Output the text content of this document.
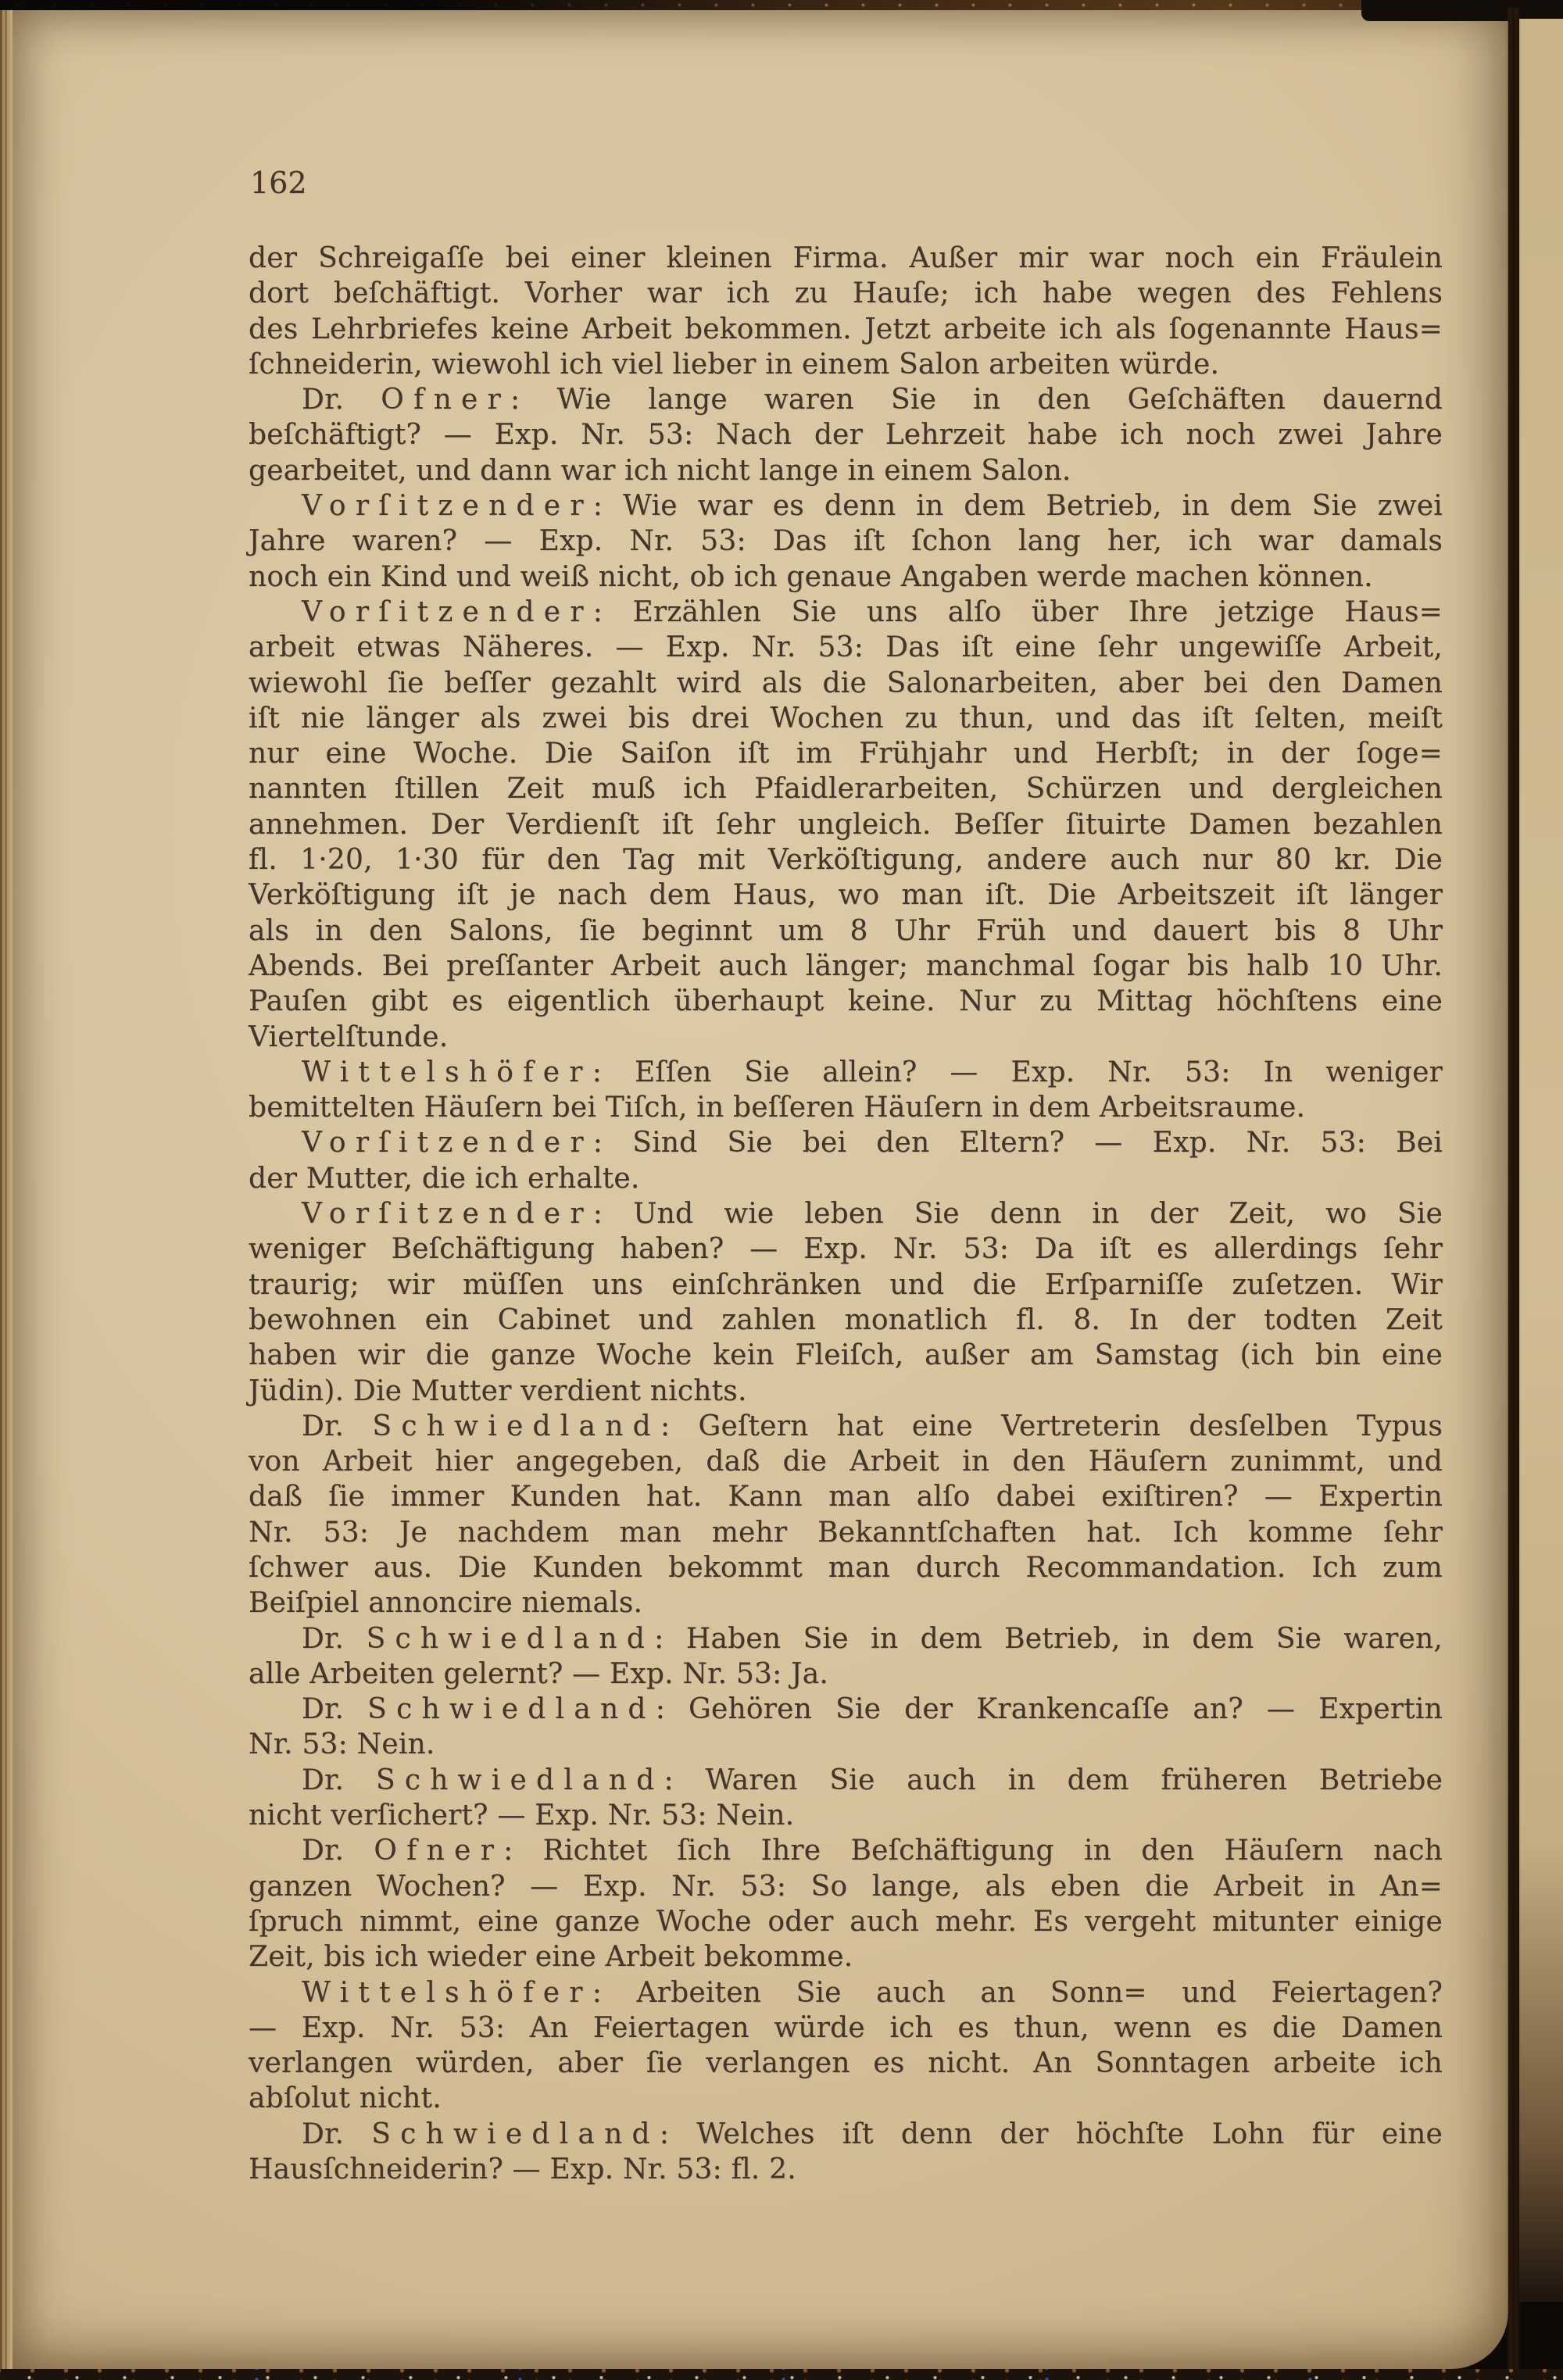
162
der Schreigaſſe bei einer kleinen Firma. Außer mir war noch ein Fräulein
dort beſchäftigt. Vorher war ich zu Hauſe; ich habe wegen des Fehlens
des Lehrbriefes keine Arbeit bekommen. Jetzt arbeite ich als ſogenannte Haus=
ſchneiderin, wiewohl ich viel lieber in einem Salon arbeiten würde.
Dr. Ofner: Wie lange waren Sie in den Geſchäften dauernd
beſchäftigt? — Exp. Nr. 53: Nach der Lehrzeit habe ich noch zwei Jahre
gearbeitet, und dann war ich nicht lange in einem Salon.
Vorſitzender: Wie war es denn in dem Betrieb, in dem Sie zwei
Jahre waren? — Exp. Nr. 53: Das iſt ſchon lang her, ich war damals
noch ein Kind und weiß nicht, ob ich genaue Angaben werde machen können.
Vorſitzender: Erzählen Sie uns alſo über Ihre jetzige Haus=
arbeit etwas Näheres. — Exp. Nr. 53: Das iſt eine ſehr ungewiſſe Arbeit,
wiewohl ſie beſſer gezahlt wird als die Salonarbeiten, aber bei den Damen
iſt nie länger als zwei bis drei Wochen zu thun, und das iſt ſelten, meiſt
nur eine Woche. Die Saiſon iſt im Frühjahr und Herbſt; in der ſoge=
nannten ſtillen Zeit muß ich Pfaidlerarbeiten, Schürzen und dergleichen
annehmen. Der Verdienſt iſt ſehr ungleich. Beſſer ſituirte Damen bezahlen
fl. 1·20, 1·30 für den Tag mit Verköſtigung, andere auch nur 80 kr. Die
Verköſtigung iſt je nach dem Haus, wo man iſt. Die Arbeitszeit iſt länger
als in den Salons, ſie beginnt um 8 Uhr Früh und dauert bis 8 Uhr
Abends. Bei preſſanter Arbeit auch länger; manchmal ſogar bis halb 10 Uhr.
Pauſen gibt es eigentlich überhaupt keine. Nur zu Mittag höchſtens eine
Viertelſtunde.
Wittelshöfer: Eſſen Sie allein? — Exp. Nr. 53: In weniger
bemittelten Häuſern bei Tiſch, in beſſeren Häuſern in dem Arbeitsraume.
Vorſitzender: Sind Sie bei den Eltern? — Exp. Nr. 53: Bei
der Mutter, die ich erhalte.
Vorſitzender: Und wie leben Sie denn in der Zeit, wo Sie
weniger Beſchäftigung haben? — Exp. Nr. 53: Da iſt es allerdings ſehr
traurig; wir müſſen uns einſchränken und die Erſparniſſe zuſetzen. Wir
bewohnen ein Cabinet und zahlen monatlich fl. 8. In der todten Zeit
haben wir die ganze Woche kein Fleiſch, außer am Samstag (ich bin eine
Jüdin). Die Mutter verdient nichts.
Dr. Schwiedland: Geſtern hat eine Vertreterin desſelben Typus
von Arbeit hier angegeben, daß die Arbeit in den Häuſern zunimmt, und
daß ſie immer Kunden hat. Kann man alſo dabei exiſtiren? — Expertin
Nr. 53: Je nachdem man mehr Bekanntſchaften hat. Ich komme ſehr
ſchwer aus. Die Kunden bekommt man durch Recommandation. Ich zum
Beiſpiel annoncire niemals.
Dr. Schwiedland: Haben Sie in dem Betrieb, in dem Sie waren,
alle Arbeiten gelernt? — Exp. Nr. 53: Ja.
Dr. Schwiedland: Gehören Sie der Krankencaſſe an? — Expertin
Nr. 53: Nein.
Dr. Schwiedland: Waren Sie auch in dem früheren Betriebe
nicht verſichert? — Exp. Nr. 53: Nein.
Dr. Ofner: Richtet ſich Ihre Beſchäftigung in den Häuſern nach
ganzen Wochen? — Exp. Nr. 53: So lange, als eben die Arbeit in An=
ſpruch nimmt, eine ganze Woche oder auch mehr. Es vergeht mitunter einige
Zeit, bis ich wieder eine Arbeit bekomme.
Wittelshöfer: Arbeiten Sie auch an Sonn= und Feiertagen?
— Exp. Nr. 53: An Feiertagen würde ich es thun, wenn es die Damen
verlangen würden, aber ſie verlangen es nicht. An Sonntagen arbeite ich
abſolut nicht.
Dr. Schwiedland: Welches iſt denn der höchſte Lohn für eine
Hausſchneiderin? — Exp. Nr. 53: fl. 2.
